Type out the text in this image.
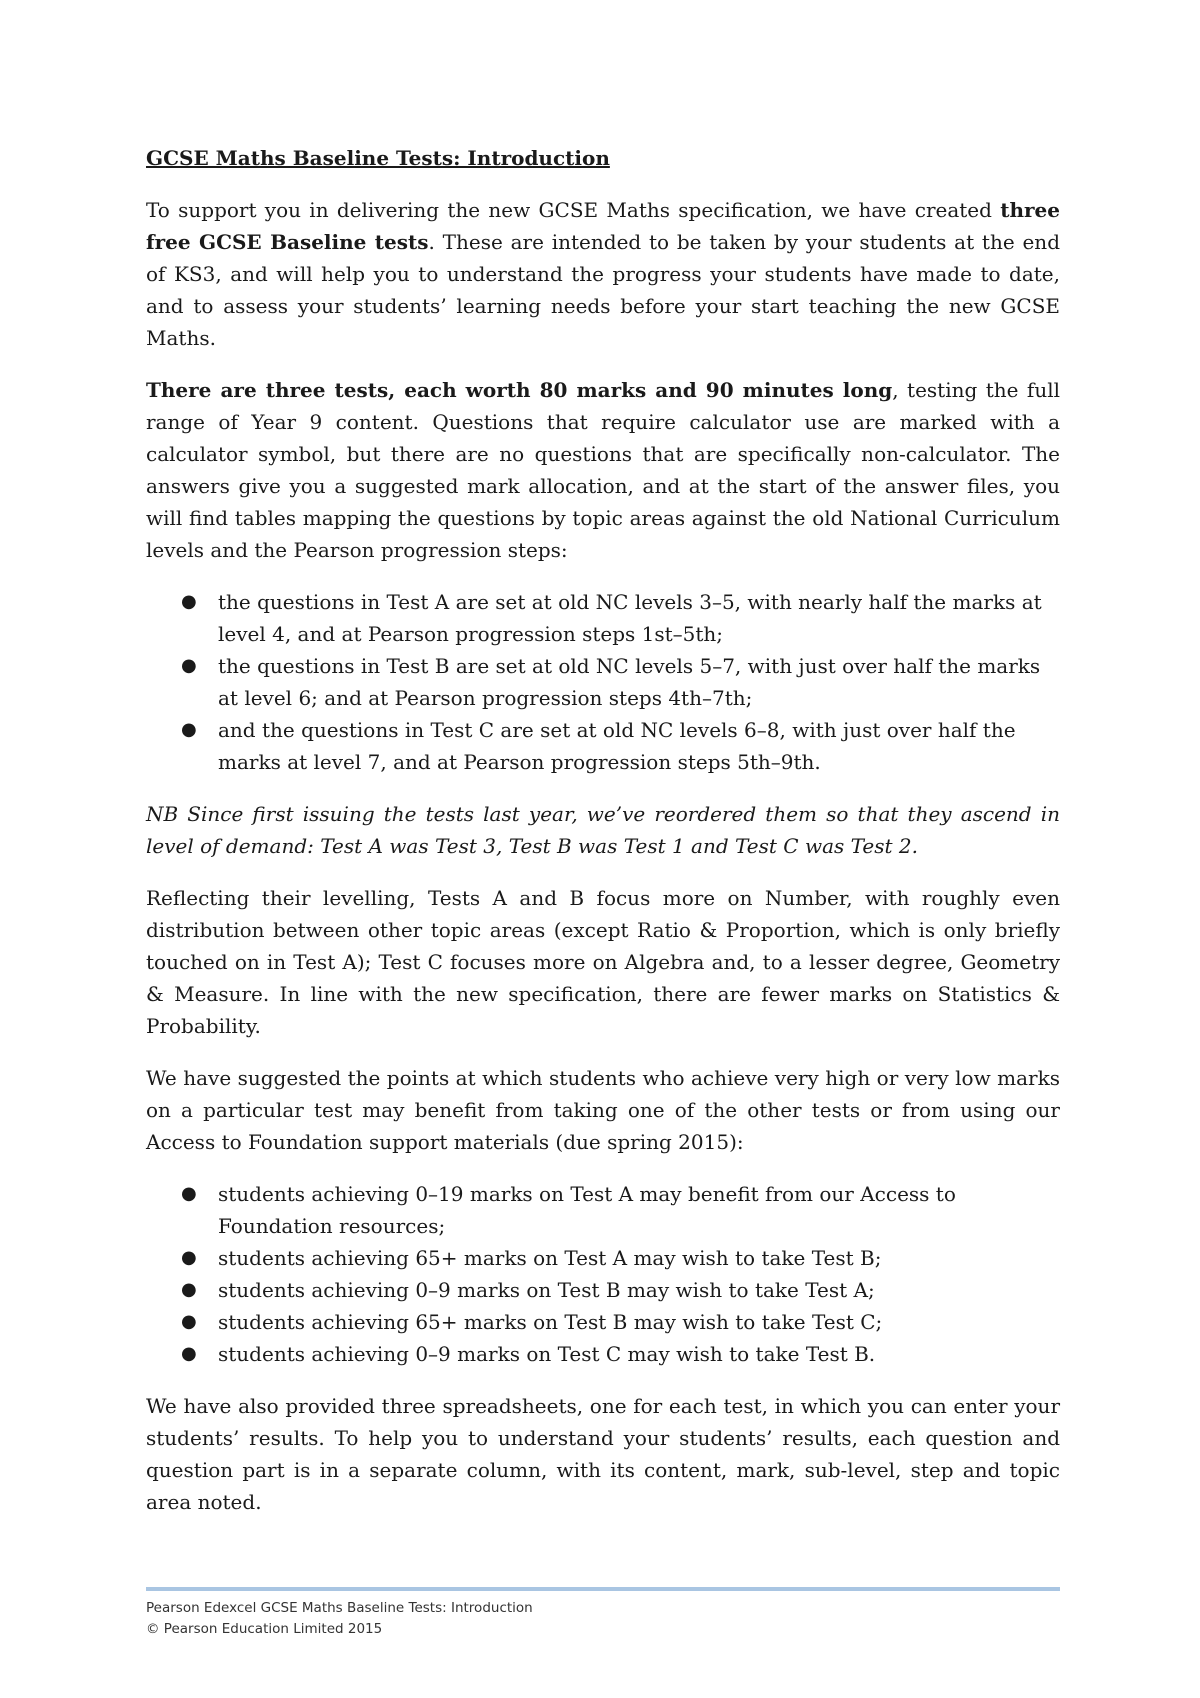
GCSE Maths Baseline Tests: Introduction

To support you in delivering the new GCSE Maths specification, we have created three free GCSE Baseline tests. These are intended to be taken by your students at the end of KS3, and will help you to understand the progress your students have made to date, and to assess your students’ learning needs before your start teaching the new GCSE Maths.

There are three tests, each worth 80 marks and 90 minutes long, testing the full range of Year 9 content. Questions that require calculator use are marked with a calculator symbol, but there are no questions that are specifically non-calculator. The answers give you a suggested mark allocation, and at the start of the answer files, you will find tables mapping the questions by topic areas against the old National Curriculum levels and the Pearson progression steps:

● the questions in Test A are set at old NC levels 3–5, with nearly half the marks at level 4, and at Pearson progression steps 1st–5th;
● the questions in Test B are set at old NC levels 5–7, with just over half the marks at level 6; and at Pearson progression steps 4th–7th;
● and the questions in Test C are set at old NC levels 6–8, with just over half the marks at level 7, and at Pearson progression steps 5th–9th.

NB Since first issuing the tests last year, we’ve reordered them so that they ascend in level of demand: Test A was Test 3, Test B was Test 1 and Test C was Test 2.

Reflecting their levelling, Tests A and B focus more on Number, with roughly even distribution between other topic areas (except Ratio & Proportion, which is only briefly touched on in Test A); Test C focuses more on Algebra and, to a lesser degree, Geometry & Measure. In line with the new specification, there are fewer marks on Statistics & Probability.

We have suggested the points at which students who achieve very high or very low marks on a particular test may benefit from taking one of the other tests or from using our Access to Foundation support materials (due spring 2015):

● students achieving 0–19 marks on Test A may benefit from our Access to Foundation resources;
● students achieving 65+ marks on Test A may wish to take Test B;
● students achieving 0–9 marks on Test B may wish to take Test A;
● students achieving 65+ marks on Test B may wish to take Test C;
● students achieving 0–9 marks on Test C may wish to take Test B.

We have also provided three spreadsheets, one for each test, in which you can enter your students’ results. To help you to understand your students’ results, each question and question part is in a separate column, with its content, mark, sub-level, step and topic area noted.

Pearson Edexcel GCSE Maths Baseline Tests: Introduction
© Pearson Education Limited 2015
